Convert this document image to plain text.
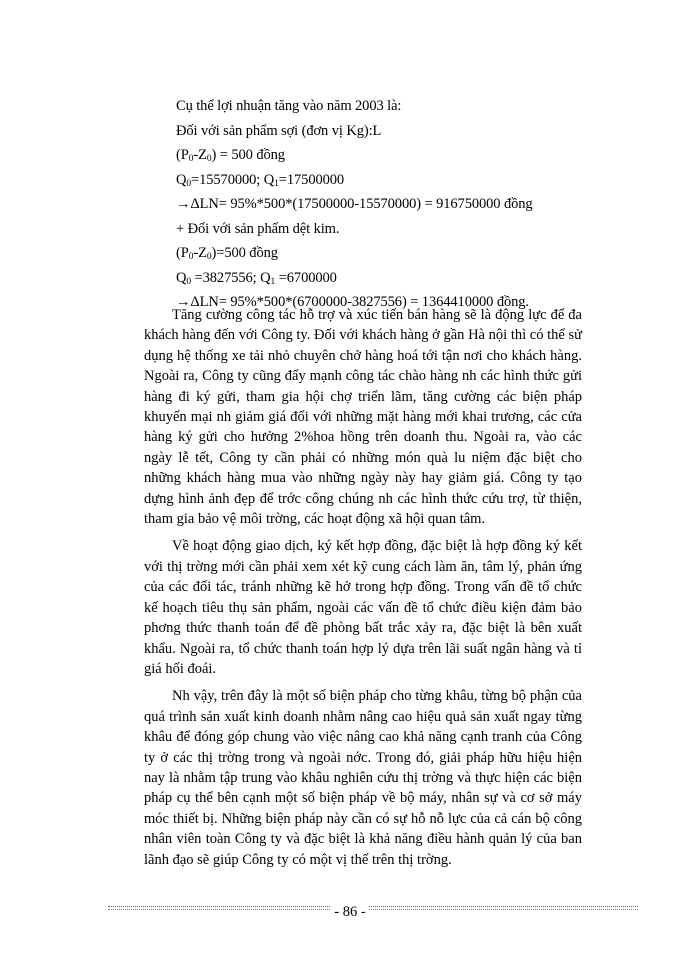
Cụ thể lợi nhuận tăng vào năm 2003 là:
Đối với sản phẩm sợi (đơn vị Kg):L
$(P_0-Z_0) = 500$ đồng
$Q_0=15570000$; $Q_1=17500000$
→ΔLN= 95%*500*(17500000-15570000) = 916750000 đồng
+ Đối với sản phẩm dệt kim.
$(P_0-Z_0)=500$ đồng
$Q_0 =3827556$; $Q_1 =6700000$
→ΔLN= 95%*500*(6700000-3827556) = 1364410000 đồng.

Tăng cường công tác hỗ trợ và xúc tiến bán hàng sẽ là động lực để đa khách hàng đến với Công ty. Đối với khách hàng ở gần Hà nội thì có thể sử dụng hệ thống xe tải nhỏ chuyên chở hàng hoá tới tận nơi cho khách hàng. Ngoài ra, Công ty cũng đẩy mạnh công tác chào hàng nh các hình thức gửi hàng đi ký gửi, tham gia hội chợ triển lãm, tăng cường các biện pháp khuyến mại nh giảm giá đối với những mặt hàng mới khai trương, các cửa hàng ký gửi cho hưởng 2%hoa hồng trên doanh thu. Ngoài ra, vào các ngày lễ tết, Công ty cần phải có những món quà lu niệm đặc biệt cho những khách hàng mua vào những ngày này hay giảm giá. Công ty tạo dựng hình ảnh đẹp để trớc công chúng nh các hình thức cứu trợ, từ thiện, tham gia bảo vệ môi trờng, các hoạt động xã hội quan tâm.

Về hoạt động giao dịch, ký kết hợp đồng, đặc biệt là hợp đồng ký kết với thị trờng mới cần phải xem xét kỹ cung cách làm ăn, tâm lý, phản ứng của các đối tác, tránh những kẽ hở trong hợp đồng. Trong vấn đề tổ chức kế hoạch tiêu thụ sản phẩm, ngoài các vấn đề tổ chức điều kiện đảm bảo phơng thức thanh toán để đề phòng bất trắc xảy ra, đặc biệt là bên xuất khẩu. Ngoài ra, tổ chức thanh toán hợp lý dựa trên lãi suất ngân hàng và tỉ giá hối đoái.

Nh vậy, trên đây là một số biện pháp cho từng khâu, từng bộ phận của quá trình sản xuất kinh doanh nhằm nâng cao hiệu quả sản xuất ngay từng khâu để đóng góp chung vào việc nâng cao khả năng cạnh tranh của Công ty ở các thị trờng trong và ngoài nớc. Trong đó, giải pháp hữu hiệu hiện nay là nhằm tập trung vào khâu nghiên cứu thị trờng và thực hiện các biện pháp cụ thể bên cạnh một số biện pháp về bộ máy, nhân sự và cơ sở máy móc thiết bị. Những biện pháp này cần có sự hỗ nỗ lực của cả cán bộ công nhân viên toàn Công ty và đặc biệt là khả năng điều hành quản lý của ban lãnh đạo sẽ giúp Công ty có một vị thế trên thị trờng.

- 86 -
